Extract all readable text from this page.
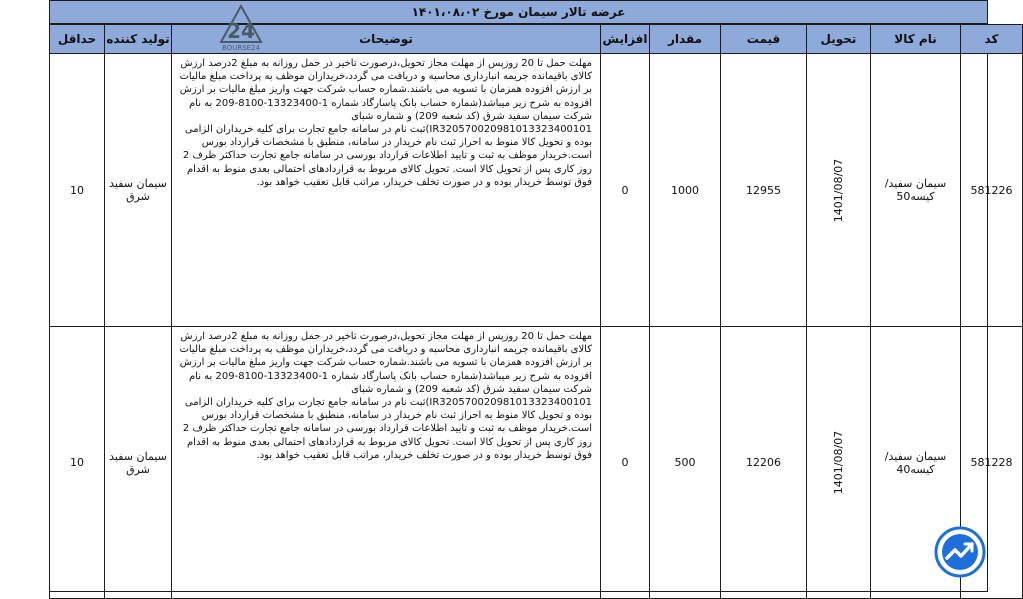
عرضه تالار سیمان مورخ ۱۴۰۱،۰۸،۰۲
کد	نام کالا	تحویل	قیمت	مقدار	افزایش	توضیحات	تولید کننده	حداقل
581226	سیمان سفید/کیسه50	1401/08/07	12955	1000	0	مهلت حمل تا 20 روزپس از مهلت مجاز تحویل،درصورت تاخیر در حمل روزانه به مبلغ 2درصد ارزش کالای باقیمانده جریمه انبارداری محاسبه و دریافت می گردد،خریداران موظف به پرداخت مبلغ مالیات بر ارزش افزوده همزمان با تسویه می باشند.شماره حساب شرکت جهت واریز مبلغ مالیات بر ارزش افزوده به شرح زیر میباشد(شماره حساب بانک پاسارگاد شماره 1-13323400-8100-209 به نام شرکت سیمان سفید شرق (کد شعبه 209) و شماره شبای IR320570020981013323400101)ثبت نام در سامانه جامع تجارت برای کلیه خریداران الزامی بوده و تحویل کالا منوط به احراز ثبت نام خریدار در سامانه، منطبق با مشخصات قرارداد بورس است.خریدار موظف به ثبت و تایید اطلاعات قرارداد بورسی در سامانه جامع تجارت حداکثر ظرف 2 روز کاری پس از تحویل کالا است. تحویل کالای مربوط به قراردادهای احتمالی بعدی منوط به اقدام فوق توسط خریدار بوده و در صورت تخلف خریدار، مراتب قابل تعقیب خواهد بود.	سیمان سفید شرق	10
581228	سیمان سفید/کیسه40	1401/08/07	12206	500	0	مهلت حمل تا 20 روزپس از مهلت مجاز تحویل،درصورت تاخیر در حمل روزانه به مبلغ 2درصد ارزش کالای باقیمانده جریمه انبارداری محاسبه و دریافت می گردد،خریداران موظف به پرداخت مبلغ مالیات بر ارزش افزوده همزمان با تسویه می باشند.شماره حساب شرکت جهت واریز مبلغ مالیات بر ارزش افزوده به شرح زیر میباشد(شماره حساب بانک پاسارگاد شماره 1-13323400-8100-209 به نام شرکت سیمان سفید شرق (کد شعبه 209) و شماره شبای IR320570020981013323400101)ثبت نام در سامانه جامع تجارت برای کلیه خریداران الزامی بوده و تحویل کالا منوط به احراز ثبت نام خریدار در سامانه، منطبق با مشخصات قرارداد بورس است.خریدار موظف به ثبت و تایید اطلاعات قرارداد بورسی در سامانه جامع تجارت حداکثر ظرف 2 روز کاری پس از تحویل کالا است. تحویل کالای مربوط به قراردادهای احتمالی بعدی منوط به اقدام فوق توسط خریدار بوده و در صورت تخلف خریدار، مراتب قابل تعقیب خواهد بود.	سیمان سفید شرق	10
24
BOURSE24
